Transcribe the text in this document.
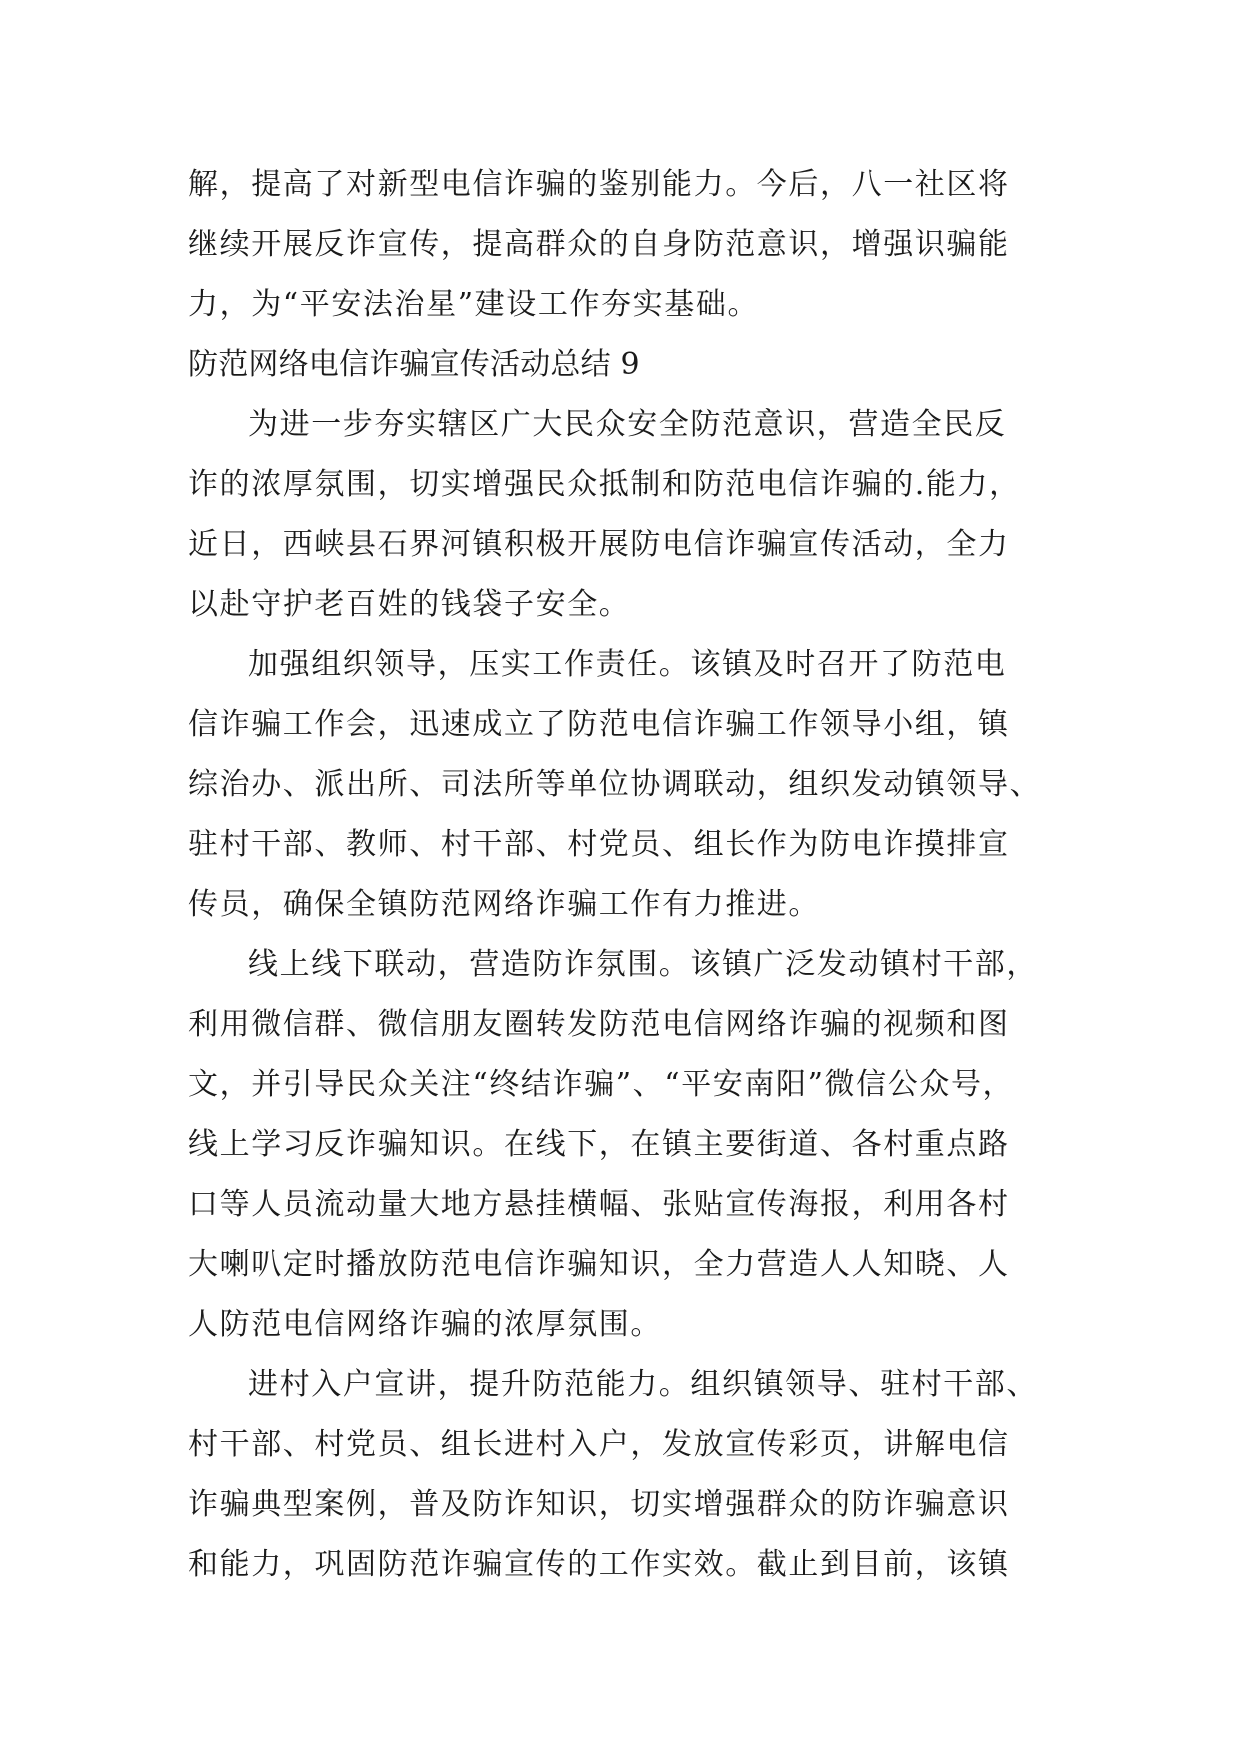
解，提高了对新型电信诈骗的鉴别能力。今后，八一社区将
继续开展反诈宣传，提高群众的自身防范意识，增强识骗能
力，为“平安法治星”建设工作夯实基础。
防范网络电信诈骗宣传活动总结 9
为进一步夯实辖区广大民众安全防范意识，营造全民反
诈的浓厚氛围，切实增强民众抵制和防范电信诈骗的.能力，
近日，西峡县石界河镇积极开展防电信诈骗宣传活动，全力
以赴守护老百姓的钱袋子安全。
加强组织领导，压实工作责任。该镇及时召开了防范电
信诈骗工作会，迅速成立了防范电信诈骗工作领导小组，镇
综治办、派出所、司法所等单位协调联动，组织发动镇领导、
驻村干部、教师、村干部、村党员、组长作为防电诈摸排宣
传员，确保全镇防范网络诈骗工作有力推进。
线上线下联动，营造防诈氛围。该镇广泛发动镇村干部，
利用微信群、微信朋友圈转发防范电信网络诈骗的视频和图
文，并引导民众关注“终结诈骗”、“平安南阳”微信公众号，
线上学习反诈骗知识。在线下，在镇主要街道、各村重点路
口等人员流动量大地方悬挂横幅、张贴宣传海报，利用各村
大喇叭定时播放防范电信诈骗知识，全力营造人人知晓、人
人防范电信网络诈骗的浓厚氛围。
进村入户宣讲，提升防范能力。组织镇领导、驻村干部、
村干部、村党员、组长进村入户，发放宣传彩页，讲解电信
诈骗典型案例，普及防诈知识，切实增强群众的防诈骗意识
和能力，巩固防范诈骗宣传的工作实效。截止到目前，该镇
